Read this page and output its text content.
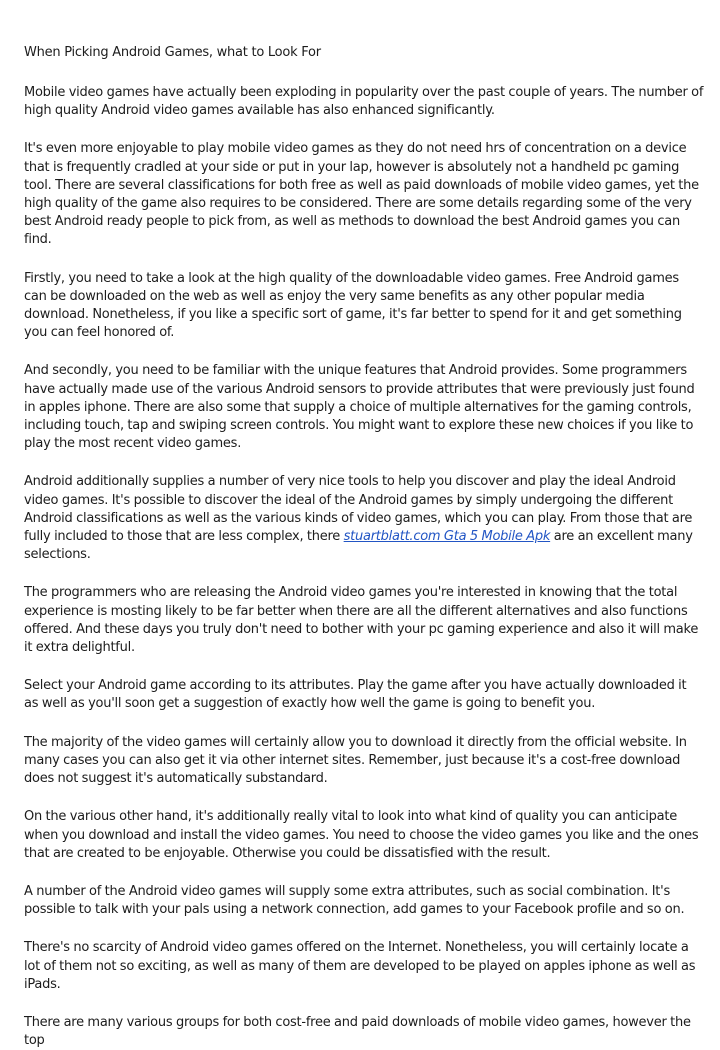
When Picking Android Games, what to Look For

Mobile video games have actually been exploding in popularity over the past couple of years. The number of high quality Android video games available has also enhanced significantly.

It's even more enjoyable to play mobile video games as they do not need hrs of concentration on a device that is frequently cradled at your side or put in your lap, however is absolutely not a handheld pc gaming tool. There are several classifications for both free as well as paid downloads of mobile video games, yet the high quality of the game also requires to be considered. There are some details regarding some of the very best Android ready people to pick from, as well as methods to download the best Android games you can find.

Firstly, you need to take a look at the high quality of the downloadable video games. Free Android games can be downloaded on the web as well as enjoy the very same benefits as any other popular media download. Nonetheless, if you like a specific sort of game, it's far better to spend for it and get something you can feel honored of.

And secondly, you need to be familiar with the unique features that Android provides. Some programmers have actually made use of the various Android sensors to provide attributes that were previously just found in apples iphone. There are also some that supply a choice of multiple alternatives for the gaming controls, including touch, tap and swiping screen controls. You might want to explore these new choices if you like to play the most recent video games.

Android additionally supplies a number of very nice tools to help you discover and play the ideal Android video games. It's possible to discover the ideal of the Android games by simply undergoing the different Android classifications as well as the various kinds of video games, which you can play. From those that are fully included to those that are less complex, there stuartblatt.com Gta 5 Mobile Apk are an excellent many selections.

The programmers who are releasing the Android video games you're interested in knowing that the total experience is mosting likely to be far better when there are all the different alternatives and also functions offered. And these days you truly don't need to bother with your pc gaming experience and also it will make it extra delightful.

Select your Android game according to its attributes. Play the game after you have actually downloaded it as well as you'll soon get a suggestion of exactly how well the game is going to benefit you.

The majority of the video games will certainly allow you to download it directly from the official website. In many cases you can also get it via other internet sites. Remember, just because it's a cost-free download does not suggest it's automatically substandard.

On the various other hand, it's additionally really vital to look into what kind of quality you can anticipate when you download and install the video games. You need to choose the video games you like and the ones that are created to be enjoyable. Otherwise you could be dissatisfied with the result.

A number of the Android video games will supply some extra attributes, such as social combination. It's possible to talk with your pals using a network connection, add games to your Facebook profile and so on.

There's no scarcity of Android video games offered on the Internet. Nonetheless, you will certainly locate a lot of them not so exciting, as well as many of them are developed to be played on apples iphone as well as iPads.

There are many various groups for both cost-free and paid downloads of mobile video games, however the top
